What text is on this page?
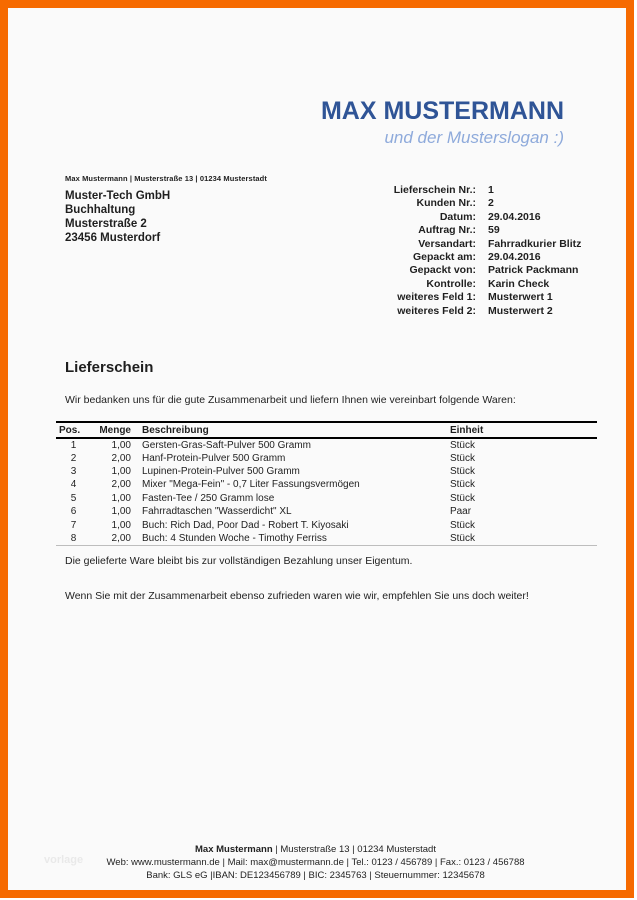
MAX MUSTERMANN
und der Musterslogan :)
Max Mustermann | Musterstraße 13 | 01234 Musterstadt
Muster-Tech GmbH
Buchhaltung
Musterstraße 2
23456 Musterdorf
Lieferschein Nr.: 1
Kunden Nr.: 2
Datum: 29.04.2016
Auftrag Nr.: 59
Versandart: Fahrradkurier Blitz
Gepackt am: 29.04.2016
Gepackt von: Patrick Packmann
Kontrolle: Karin Check
weiteres Feld 1: Musterwert 1
weiteres Feld 2: Musterwert 2
Lieferschein
Wir bedanken uns für die gute Zusammenarbeit und liefern Ihnen wie vereinbart folgende Waren:
Pos.	Menge	Beschreibung	Einheit
1	1,00	Gersten-Gras-Saft-Pulver 500 Gramm	Stück
2	2,00	Hanf-Protein-Pulver 500 Gramm	Stück
3	1,00	Lupinen-Protein-Pulver 500 Gramm	Stück
4	2,00	Mixer "Mega-Fein" - 0,7 Liter Fassungsvermögen	Stück
5	1,00	Fasten-Tee / 250 Gramm lose	Stück
6	1,00	Fahrradtaschen "Wasserdicht" XL	Paar
7	1,00	Buch: Rich Dad, Poor Dad - Robert T. Kiyosaki	Stück
8	2,00	Buch: 4 Stunden Woche - Timothy Ferriss	Stück
Die gelieferte Ware bleibt bis zur vollständigen Bezahlung unser Eigentum.
Wenn Sie mit der Zusammenarbeit ebenso zufrieden waren wie wir, empfehlen Sie uns doch weiter!
vorlage
Max Mustermann | Musterstraße 13 | 01234 Musterstadt
Web: www.mustermann.de | Mail: max@mustermann.de | Tel.: 0123 / 456789 | Fax.: 0123 / 456788
Bank: GLS eG |IBAN: DE123456789 | BIC: 2345763 | Steuernummer: 12345678
